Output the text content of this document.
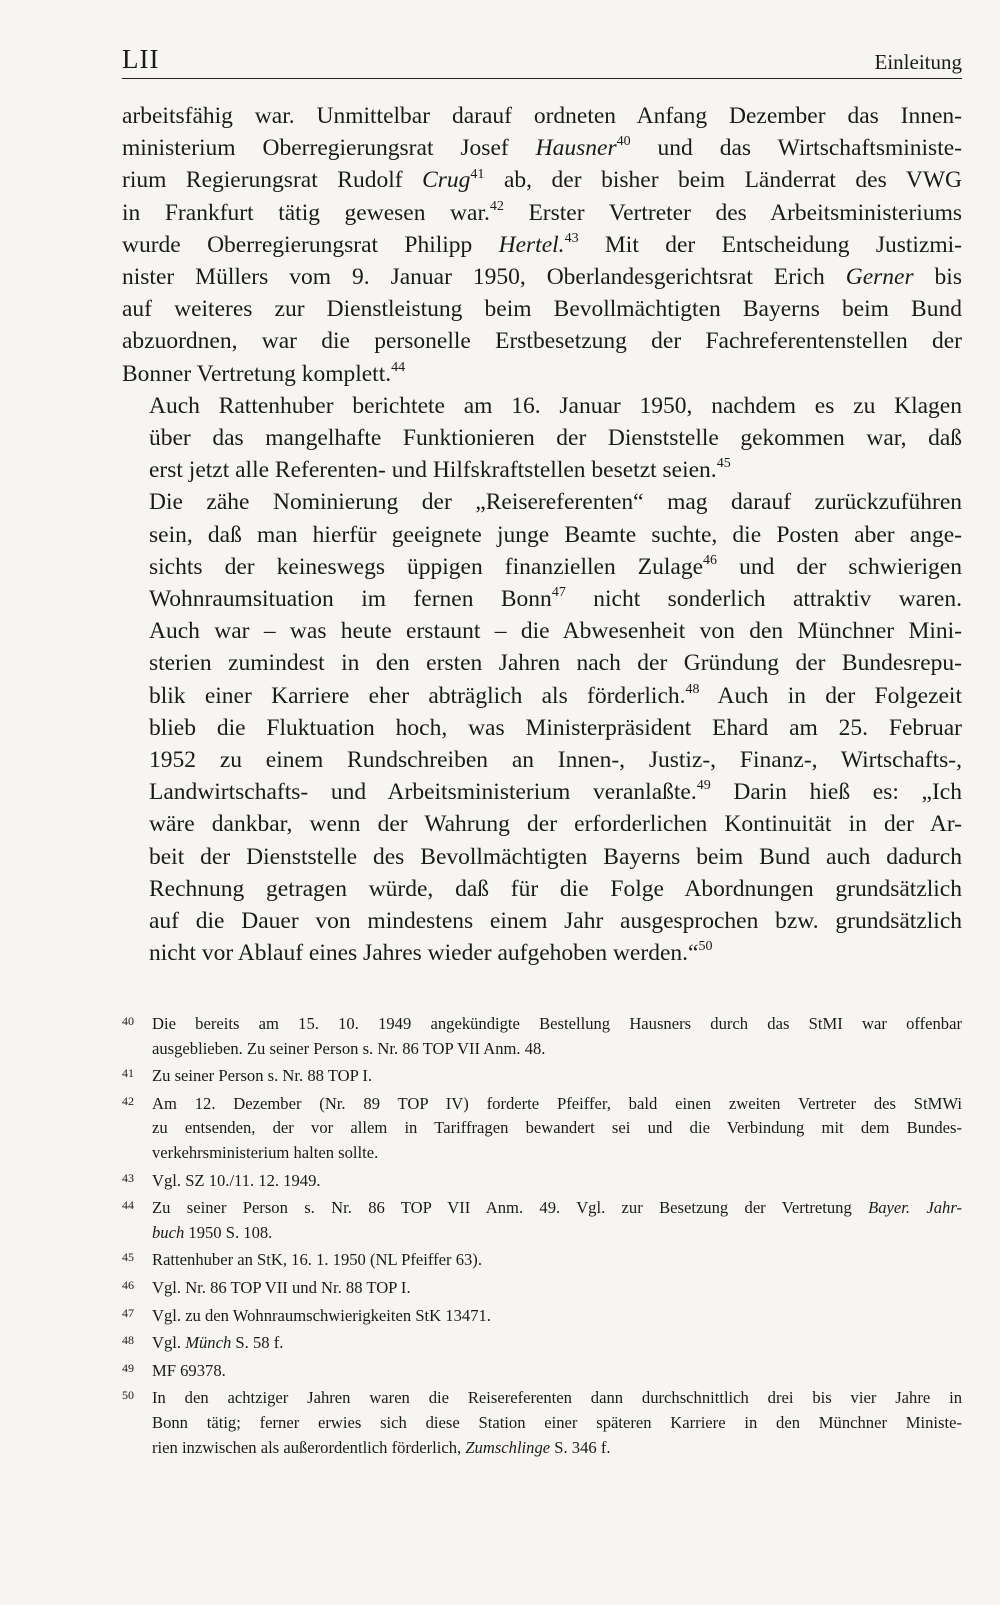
LII	Einleitung

arbeitsfähig war. Unmittelbar darauf ordneten Anfang Dezember das Innen-
ministerium Oberregierungsrat Josef Hausner$^{40}$ und das Wirtschaftsministe-
rium Regierungsrat Rudolf Crug$^{41}$ ab, der bisher beim Länderrat des VWG
in Frankfurt tätig gewesen war.$^{42}$ Erster Vertreter des Arbeitsministeriums
wurde Oberregierungsrat Philipp Hertel.$^{43}$ Mit der Entscheidung Justizmi-
nister Müllers vom 9. Januar 1950, Oberlandesgerichtsrat Erich Gerner bis
auf weiteres zur Dienstleistung beim Bevollmächtigten Bayerns beim Bund
abzuordnen, war die personelle Erstbesetzung der Fachreferentenstellen der
Bonner Vertretung komplett.$^{44}$

Auch Rattenhuber berichtete am 16. Januar 1950, nachdem es zu Klagen
über das mangelhafte Funktionieren der Dienststelle gekommen war, daß
erst jetzt alle Referenten- und Hilfskraftstellen besetzt seien.$^{45}$

Die zähe Nominierung der „Reisereferenten“ mag darauf zurückzuführen
sein, daß man hierfür geeignete junge Beamte suchte, die Posten aber ange-
sichts der keineswegs üppigen finanziellen Zulage$^{46}$ und der schwierigen
Wohnraumsituation im fernen Bonn$^{47}$ nicht sonderlich attraktiv waren.
Auch war – was heute erstaunt – die Abwesenheit von den Münchner Mini-
sterien zumindest in den ersten Jahren nach der Gründung der Bundesrepu-
blik einer Karriere eher abträglich als förderlich.$^{48}$ Auch in der Folgezeit
blieb die Fluktuation hoch, was Ministerpräsident Ehard am 25. Februar
1952 zu einem Rundschreiben an Innen-, Justiz-, Finanz-, Wirtschafts-,
Landwirtschafts- und Arbeitsministerium veranlaßte.$^{49}$ Darin hieß es: „Ich
wäre dankbar, wenn der Wahrung der erforderlichen Kontinuität in der Ar-
beit der Dienststelle des Bevollmächtigten Bayerns beim Bund auch dadurch
Rechnung getragen würde, daß für die Folge Abordnungen grundsätzlich
auf die Dauer von mindestens einem Jahr ausgesprochen bzw. grundsätzlich
nicht vor Ablauf eines Jahres wieder aufgehoben werden.“$^{50}$

40 Die bereits am 15. 10. 1949 angekündigte Bestellung Hausners durch das StMI war offenbar
ausgeblieben. Zu seiner Person s. Nr. 86 TOP VII Anm. 48.
41 Zu seiner Person s. Nr. 88 TOP I.
42 Am 12. Dezember (Nr. 89 TOP IV) forderte Pfeiffer, bald einen zweiten Vertreter des StMWi
zu entsenden, der vor allem in Tariffragen bewandert sei und die Verbindung mit dem Bundes-
verkehrsministerium halten sollte.
43 Vgl. SZ 10./11. 12. 1949.
44 Zu seiner Person s. Nr. 86 TOP VII Anm. 49. Vgl. zur Besetzung der Vertretung Bayer. Jahr-
buch 1950 S. 108.
45 Rattenhuber an StK, 16. 1. 1950 (NL Pfeiffer 63).
46 Vgl. Nr. 86 TOP VII und Nr. 88 TOP I.
47 Vgl. zu den Wohnraumschwierigkeiten StK 13471.
48 Vgl. Münch S. 58 f.
49 MF 69378.
50 In den achtziger Jahren waren die Reisereferenten dann durchschnittlich drei bis vier Jahre in
Bonn tätig; ferner erwies sich diese Station einer späteren Karriere in den Münchner Ministe-
rien inzwischen als außerordentlich förderlich, Zumschlinge S. 346 f.
